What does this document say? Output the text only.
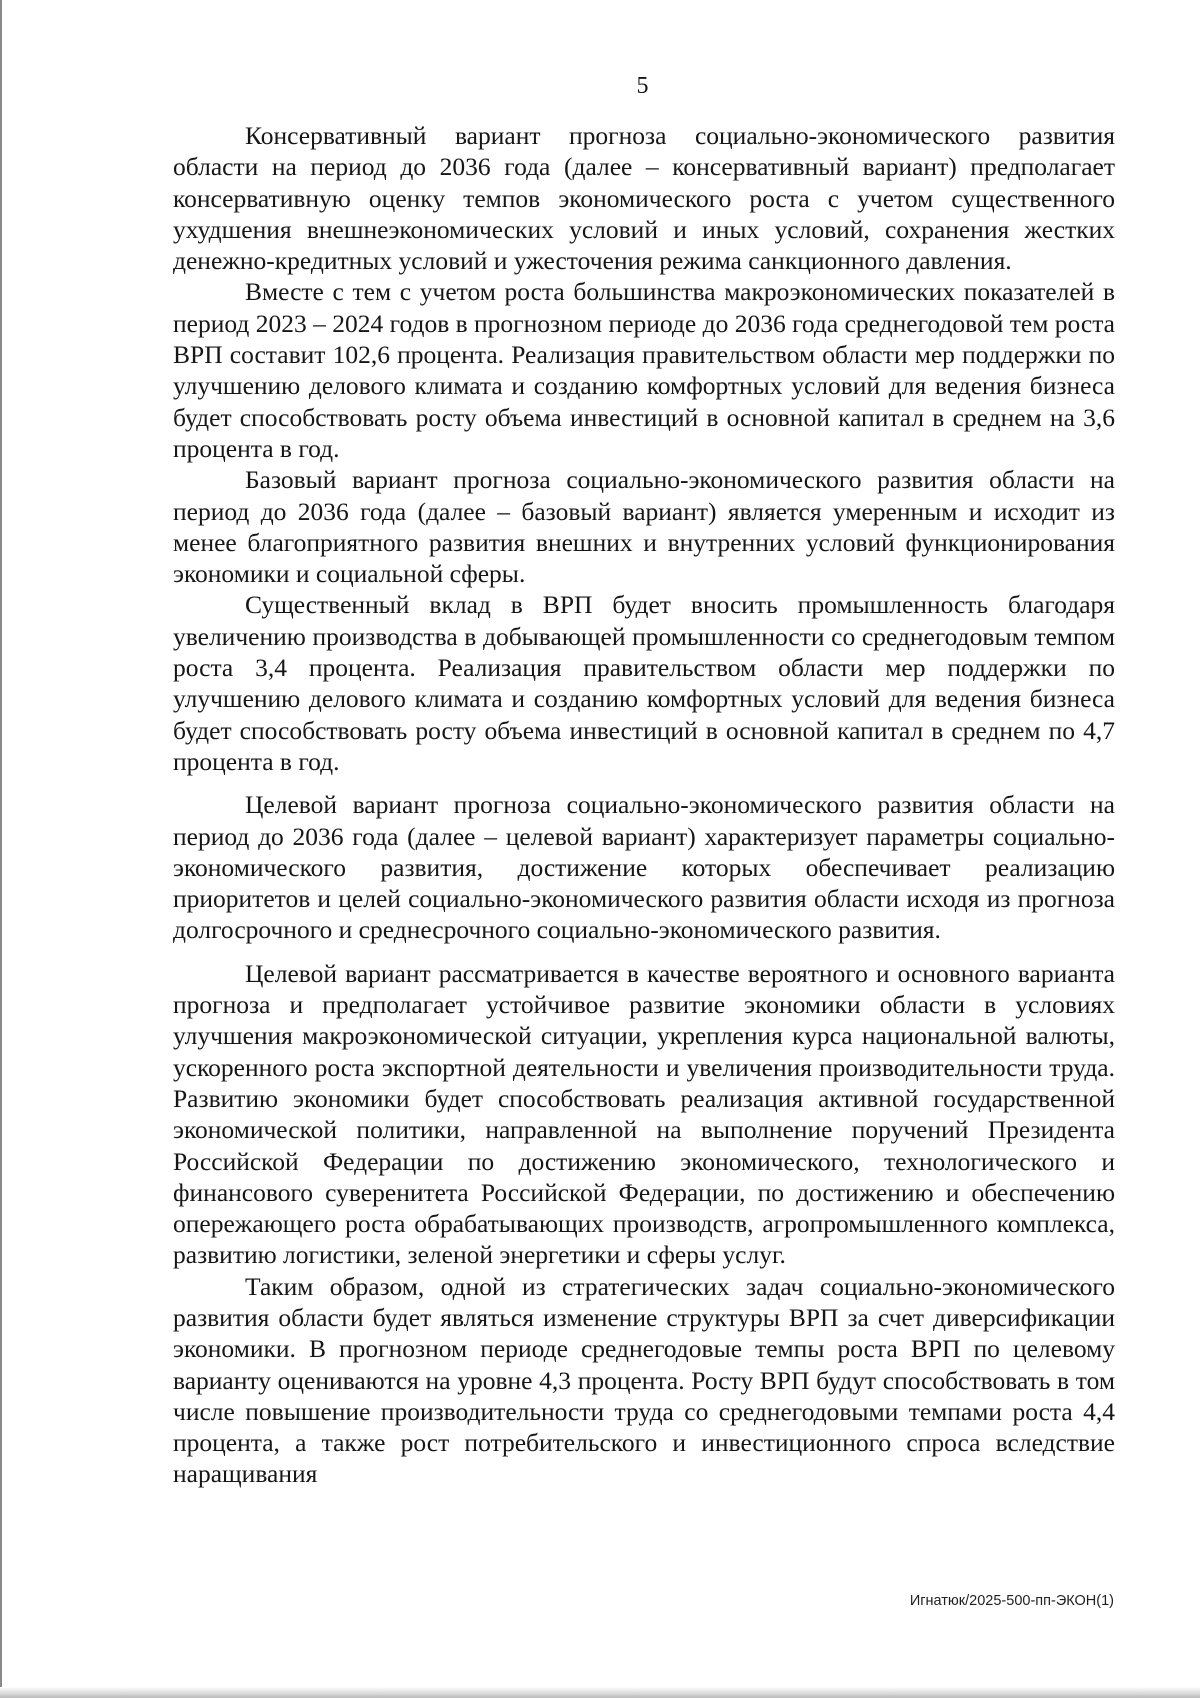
5

Консервативный вариант прогноза социально-экономического развития области на период до 2036 года (далее – консервативный вариант) предполагает консервативную оценку темпов экономического роста с учетом существенного ухудшения внешнеэкономических условий и иных условий, сохранения жестких денежно-кредитных условий и ужесточения режима санкционного давления.

Вместе с тем с учетом роста большинства макроэкономических показателей в период 2023 – 2024 годов в прогнозном периоде до 2036 года среднегодовой тем роста ВРП составит 102,6 процента. Реализация правительством области мер поддержки по улучшению делового климата и созданию комфортных условий для ведения бизнеса будет способствовать росту объема инвестиций в основной капитал в среднем на 3,6 процента в год.

Базовый вариант прогноза социально-экономического развития области на период до 2036 года (далее – базовый вариант) является умеренным и исходит из менее благоприятного развития внешних и внутренних условий функционирования экономики и социальной сферы.

Существенный вклад в ВРП будет вносить промышленность благодаря увеличению производства в добывающей промышленности со среднегодовым темпом роста 3,4 процента. Реализация правительством области мер поддержки по улучшению делового климата и созданию комфортных условий для ведения бизнеса будет способствовать росту объема инвестиций в основной капитал в среднем по 4,7 процента в год.

Целевой вариант прогноза социально-экономического развития области на период до 2036 года (далее – целевой вариант) характеризует параметры социально-экономического развития, достижение которых обеспечивает реализацию приоритетов и целей социально-экономического развития области исходя из прогноза долгосрочного и среднесрочного социально-экономического развития.

Целевой вариант рассматривается в качестве вероятного и основного варианта прогноза и предполагает устойчивое развитие экономики области в условиях улучшения макроэкономической ситуации, укрепления курса национальной валюты, ускоренного роста экспортной деятельности и увеличения производительности труда. Развитию экономики будет способствовать реализация активной государственной экономической политики, направленной на выполнение поручений Президента Российской Федерации по достижению экономического, технологического и финансового суверенитета Российской Федерации, по достижению и обеспечению опережающего роста обрабатывающих производств, агропромышленного комплекса, развитию логистики, зеленой энергетики и сферы услуг.

Таким образом, одной из стратегических задач социально-экономического развития области будет являться изменение структуры ВРП за счет диверсификации экономики. В прогнозном периоде среднегодовые темпы роста ВРП по целевому варианту оцениваются на уровне 4,3 процента. Росту ВРП будут способствовать в том числе повышение производительности труда со среднегодовыми темпами роста 4,4 процента, а также рост потребительского и инвестиционного спроса вследствие наращивания

Игнатюк/2025-500-пп-ЭКОН(1)
